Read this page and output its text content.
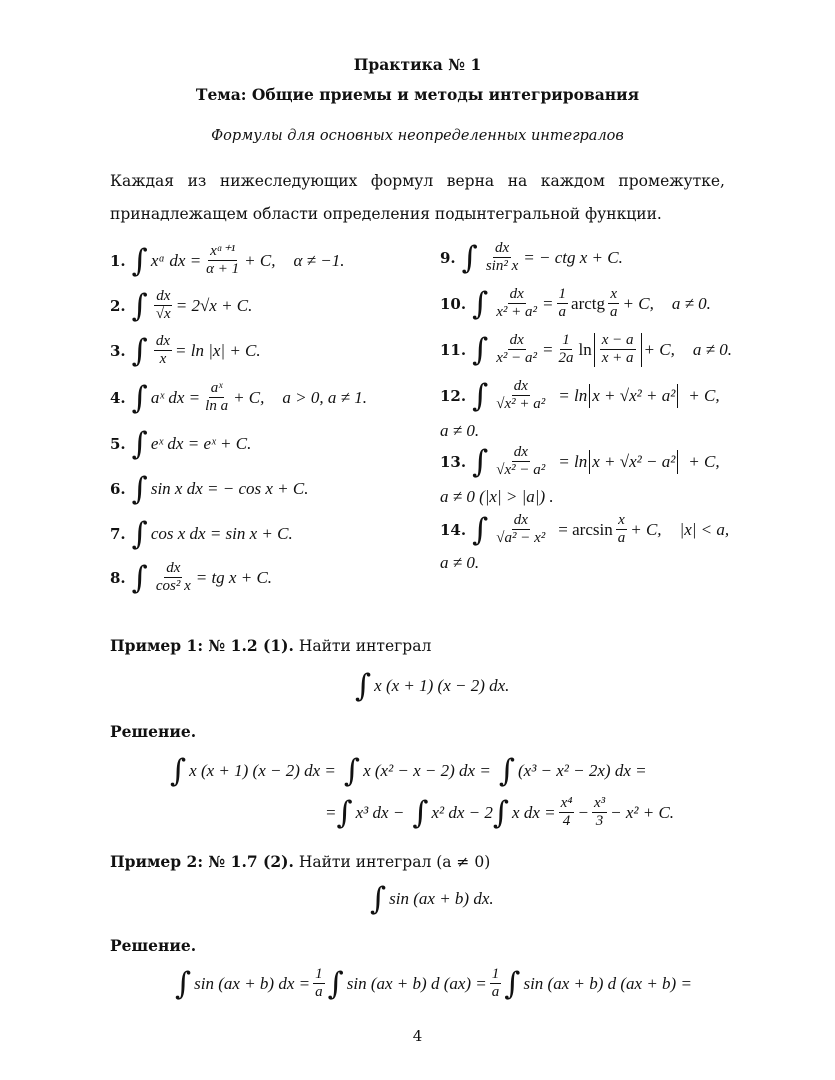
Практика № 1
Тема: Общие приемы и методы интегрирования
Формулы для основных неопределенных интегралов
Каждая из нижеследующих формул верна на каждом промежутке, принадлежащем области определения подынтегральной функции.
1. ∫ xᵅ dx = $\frac{\text{xᵅ⁺¹}}{\alpha + 1} + C$, α ≠ −1.
2. ∫ $\frac{dx}{√x} = 2√x + C$.
3. ∫ $\frac{dx}{x} = \ln |x| + C$.
4. ∫ aˣ dx = $\frac{\text{aˣ}}{\text{ln a}} + C$, a > 0, a ≠ 1.
5. ∫ eˣ dx = eˣ + C.
6. ∫ sin x dx = − cos x + C.
7. ∫ cos x dx = sin x + C.
8. ∫ $\frac{dx}{\text{cos² x}}$ = tg x + C.
9. ∫ $\frac{dx}{\text{sin² x}}$ = − ctg x + C.
10. ∫ $\frac{dx}{\text{x² + a²}} = \frac{1}{a}$ arctg $\frac{x}{a} + C$, a ≠ 0.
11. ∫ $\frac{dx}{\text{x² − a²}} = \frac{1}{2a}$ $\ln \frac{x - a}{x + a} + C$, a ≠ 0.
12. ∫ $\frac{dx}{\text{√x² + a²}} = \ln x + √x^2 + a^2 + C$,
a ≠ 0.
13. ∫ $\frac{dx}{\text{√x² − a²}} = \ln x + √x^2 - a^2 + C$,
a ≠ 0 (|x| > |a|) .
14. ∫ $\frac{dx}{\text{√a² − x²}} = \arcsin \frac{x}{a} + C$, |x| < a,
a ≠ 0.
Пример 1: № 1.2 (1). Найти интеграл
∫ x (x + 1) (x − 2) dx.
Решение.
∫ x (x + 1) (x − 2) dx = ∫ x (x² − x − 2) dx = ∫ (x³ − x² − 2x) dx =
= ∫ x³ dx − ∫ x² dx − 2 ∫ x dx = $\frac{\text{x⁴}}{4} - \frac{\text{x³}}{3} - x^2 + C$.
Пример 2: № 1.7 (2). Найти интеграл (a ≠ 0)
∫ sin (ax + b) dx.
Решение.
∫ sin (ax + b) dx = $\frac{1}{a}$ ∫ sin (ax + b) d $(ax) = \frac{1}{a}$ ∫ sin (ax + b) d (ax + b) =
4
